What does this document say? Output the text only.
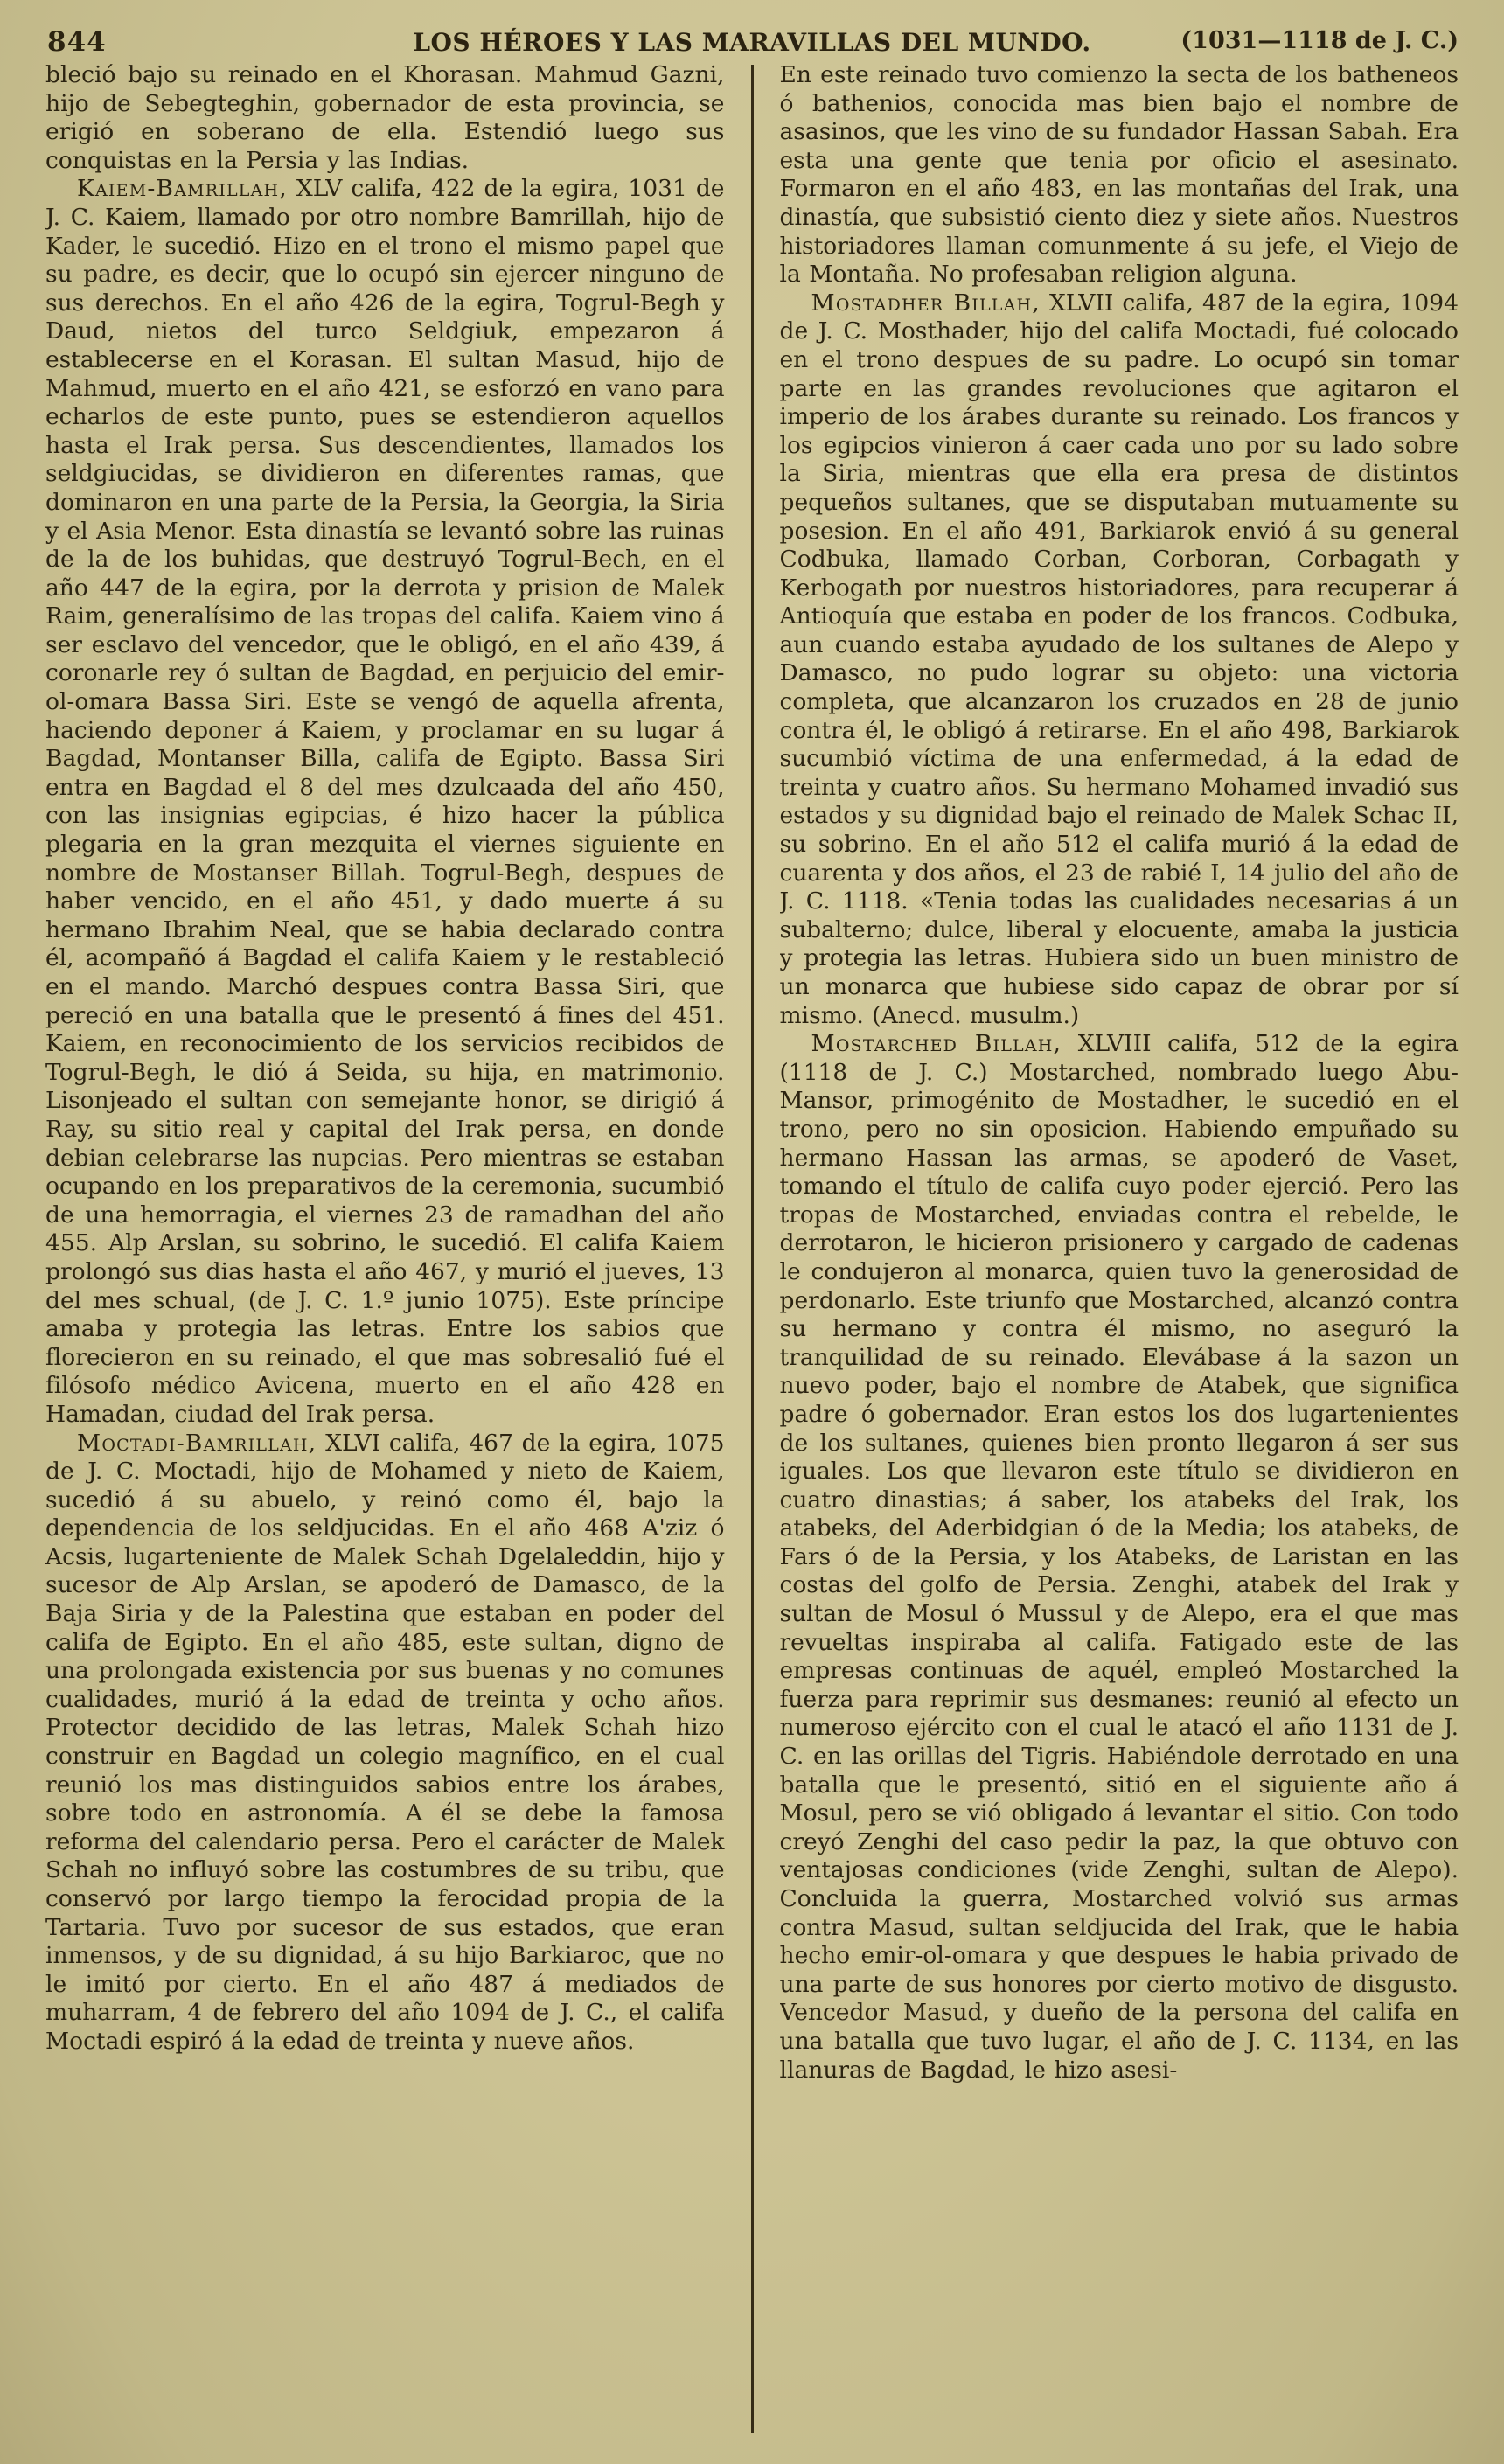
844	LOS HÉROES Y LAS MARAVILLAS DEL MUNDO.	(1031—1118 de J. C.)

bleció bajo su reinado en el Khorasan. Mahmud Gazni, hijo de Sebegteghin, gobernador de esta provincia, se erigió en soberano de ella. Estendió luego sus conquistas en la Persia y las Indias.

Kaiem-Bamrillah, XLV califa, 422 de la egira, 1031 de J. C. Kaiem, llamado por otro nombre Bamrillah, hijo de Kader, le sucedió. Hizo en el trono el mismo papel que su padre, es decir, que lo ocupó sin ejercer ninguno de sus derechos. En el año 426 de la egira, Togrul-Begh y Daud, nietos del turco Seldgiuk, empezaron á establecerse en el Korasan. El sultan Masud, hijo de Mahmud, muerto en el año 421, se esforzó en vano para echarlos de este punto, pues se estendieron aquellos hasta el Irak persa. Sus descendientes, llamados los seldgiucidas, se dividieron en diferentes ramas, que dominaron en una parte de la Persia, la Georgia, la Siria y el Asia Menor. Esta dinastía se levantó sobre las ruinas de la de los buhidas, que destruyó Togrul-Bech, en el año 447 de la egira, por la derrota y prision de Malek Raim, generalísimo de las tropas del califa. Kaiem vino á ser esclavo del vencedor, que le obligó, en el año 439, á coronarle rey ó sultan de Bagdad, en perjuicio del emir-ol-omara Bassa Siri. Este se vengó de aquella afrenta, haciendo deponer á Kaiem, y proclamar en su lugar á Bagdad, Montanser Billa, califa de Egipto. Bassa Siri entra en Bagdad el 8 del mes dzulcaada del año 450, con las insignias egipcias, é hizo hacer la pública plegaria en la gran mezquita el viernes siguiente en nombre de Mostanser Billah. Togrul-Begh, despues de haber vencido, en el año 451, y dado muerte á su hermano Ibrahim Neal, que se habia declarado contra él, acompañó á Bagdad el califa Kaiem y le restableció en el mando. Marchó despues contra Bassa Siri, que pereció en una batalla que le presentó á fines del 451. Kaiem, en reconocimiento de los servicios recibidos de Togrul-Begh, le dió á Seida, su hija, en matrimonio. Lisonjeado el sultan con semejante honor, se dirigió á Ray, su sitio real y capital del Irak persa, en donde debian celebrarse las nupcias. Pero mientras se estaban ocupando en los preparativos de la ceremonia, sucumbió de una hemorragia, el viernes 23 de ramadhan del año 455. Alp Arslan, su sobrino, le sucedió. El califa Kaiem prolongó sus dias hasta el año 467, y murió el jueves, 13 del mes schual, (de J. C. 1.º junio 1075). Este príncipe amaba y protegia las letras. Entre los sabios que florecieron en su reinado, el que mas sobresalió fué el filósofo médico Avicena, muerto en el año 428 en Hamadan, ciudad del Irak persa.

Moctadi-Bamrillah, XLVI califa, 467 de la egira, 1075 de J. C. Moctadi, hijo de Mohamed y nieto de Kaiem, sucedió á su abuelo, y reinó como él, bajo la dependencia de los seldjucidas. En el año 468 A'ziz ó Acsis, lugarteniente de Malek Schah Dgelaleddin, hijo y sucesor de Alp Arslan, se apoderó de Damasco, de la Baja Siria y de la Palestina que estaban en poder del califa de Egipto. En el año 485, este sultan, digno de una prolongada existencia por sus buenas y no comunes cualidades, murió á la edad de treinta y ocho años. Protector decidido de las letras, Malek Schah hizo construir en Bagdad un colegio magnífico, en el cual reunió los mas distinguidos sabios entre los árabes, sobre todo en astronomía. A él se debe la famosa reforma del calendario persa. Pero el carácter de Malek Schah no influyó sobre las costumbres de su tribu, que conservó por largo tiempo la ferocidad propia de la Tartaria. Tuvo por sucesor de sus estados, que eran inmensos, y de su dignidad, á su hijo Barkiaroc, que no le imitó por cierto. En el año 487 á mediados de muharram, 4 de febrero del año 1094 de J. C., el califa Moctadi espiró á la edad de treinta y nueve años.

En este reinado tuvo comienzo la secta de los batheneos ó bathenios, conocida mas bien bajo el nombre de asasinos, que les vino de su fundador Hassan Sabah. Era esta una gente que tenia por oficio el asesinato. Formaron en el año 483, en las montañas del Irak, una dinastía, que subsistió ciento diez y siete años. Nuestros historiadores llaman comunmente á su jefe, el Viejo de la Montaña. No profesaban religion alguna.

Mostadher Billah, XLVII califa, 487 de la egira, 1094 de J. C. Mosthader, hijo del califa Moctadi, fué colocado en el trono despues de su padre. Lo ocupó sin tomar parte en las grandes revoluciones que agitaron el imperio de los árabes durante su reinado. Los francos y los egipcios vinieron á caer cada uno por su lado sobre la Siria, mientras que ella era presa de distintos pequeños sultanes, que se disputaban mutuamente su posesion. En el año 491, Barkiarok envió á su general Codbuka, llamado Corban, Corboran, Corbagath y Kerbogath por nuestros historiadores, para recuperar á Antioquía que estaba en poder de los francos. Codbuka, aun cuando estaba ayudado de los sultanes de Alepo y Damasco, no pudo lograr su objeto: una victoria completa, que alcanzaron los cruzados en 28 de junio contra él, le obligó á retirarse. En el año 498, Barkiarok sucumbió víctima de una enfermedad, á la edad de treinta y cuatro años. Su hermano Mohamed invadió sus estados y su dignidad bajo el reinado de Malek Schac II, su sobrino. En el año 512 el califa murió á la edad de cuarenta y dos años, el 23 de rabié I, 14 julio del año de J. C. 1118. «Tenia todas las cualidades necesarias á un subalterno; dulce, liberal y elocuente, amaba la justicia y protegia las letras. Hubiera sido un buen ministro de un monarca que hubiese sido capaz de obrar por sí mismo. (Anecd. musulm.)

Mostarched Billah, XLVIII califa, 512 de la egira (1118 de J. C.) Mostarched, nombrado luego Abu-Mansor, primogénito de Mostadher, le sucedió en el trono, pero no sin oposicion. Habiendo empuñado su hermano Hassan las armas, se apoderó de Vaset, tomando el título de califa cuyo poder ejerció. Pero las tropas de Mostarched, enviadas contra el rebelde, le derrotaron, le hicieron prisionero y cargado de cadenas le condujeron al monarca, quien tuvo la generosidad de perdonarlo. Este triunfo que Mostarched, alcanzó contra su hermano y contra él mismo, no aseguró la tranquilidad de su reinado. Elevábase á la sazon un nuevo poder, bajo el nombre de Atabek, que significa padre ó gobernador. Eran estos los dos lugartenientes de los sultanes, quienes bien pronto llegaron á ser sus iguales. Los que llevaron este título se dividieron en cuatro dinastias; á saber, los atabeks del Irak, los atabeks, del Aderbidgian ó de la Media; los atabeks, de Fars ó de la Persia, y los Atabeks, de Laristan en las costas del golfo de Persia. Zenghi, atabek del Irak y sultan de Mosul ó Mussul y de Alepo, era el que mas revueltas inspiraba al califa. Fatigado este de las empresas continuas de aquél, empleó Mostarched la fuerza para reprimir sus desmanes: reunió al efecto un numeroso ejército con el cual le atacó el año 1131 de J. C. en las orillas del Tigris. Habiéndole derrotado en una batalla que le presentó, sitió en el siguiente año á Mosul, pero se vió obligado á levantar el sitio. Con todo creyó Zenghi del caso pedir la paz, la que obtuvo con ventajosas condiciones (vide Zenghi, sultan de Alepo). Concluida la guerra, Mostarched volvió sus armas contra Masud, sultan seldjucida del Irak, que le habia hecho emir-ol-omara y que despues le habia privado de una parte de sus honores por cierto motivo de disgusto. Vencedor Masud, y dueño de la persona del califa en una batalla que tuvo lugar, el año de J. C. 1134, en las llanuras de Bagdad, le hizo asesi-
